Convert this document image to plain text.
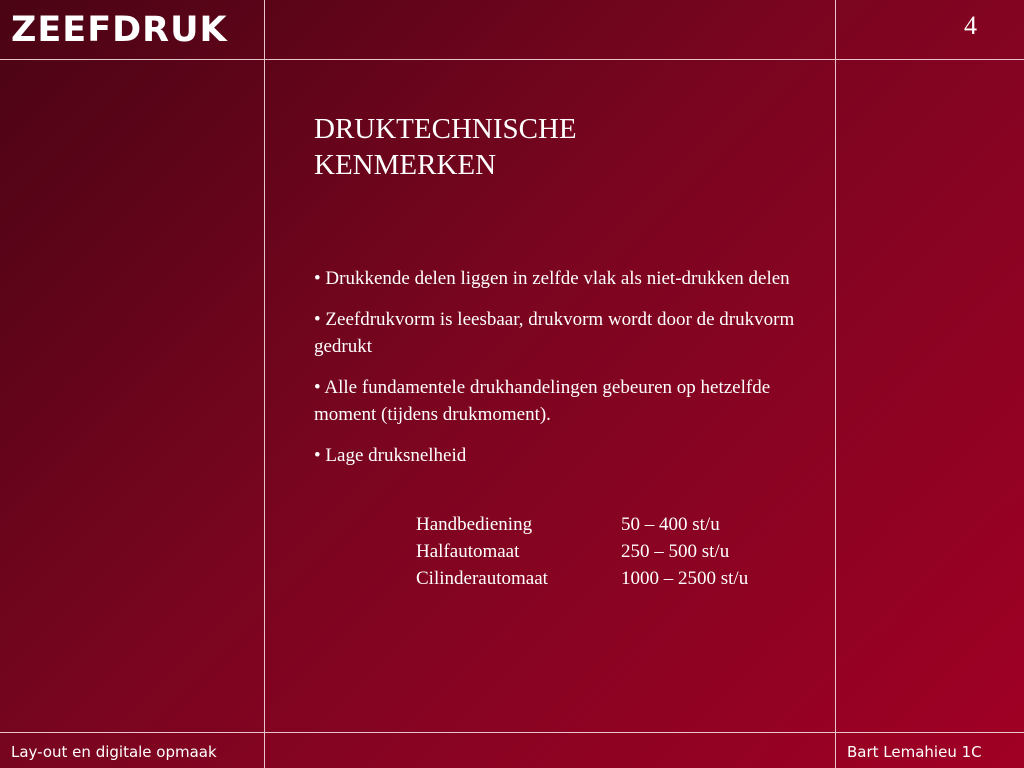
ZEEFDRUK	4
DRUKTECHNISCHE
KENMERKEN

• Drukkende delen liggen in zelfde vlak als niet-drukken delen

• Zeefdrukvorm is leesbaar, drukvorm wordt door de drukvorm gedrukt

• Alle fundamentele drukhandelingen gebeuren op hetzelfde moment (tijdens drukmoment).

• Lage druksnelheid

Handbediening	50 – 400 st/u
Halfautomaat	250 – 500 st/u
Cilinderautomaat	1000 – 2500 st/u
Lay-out en digitale opmaak	Bart Lemahieu 1C
